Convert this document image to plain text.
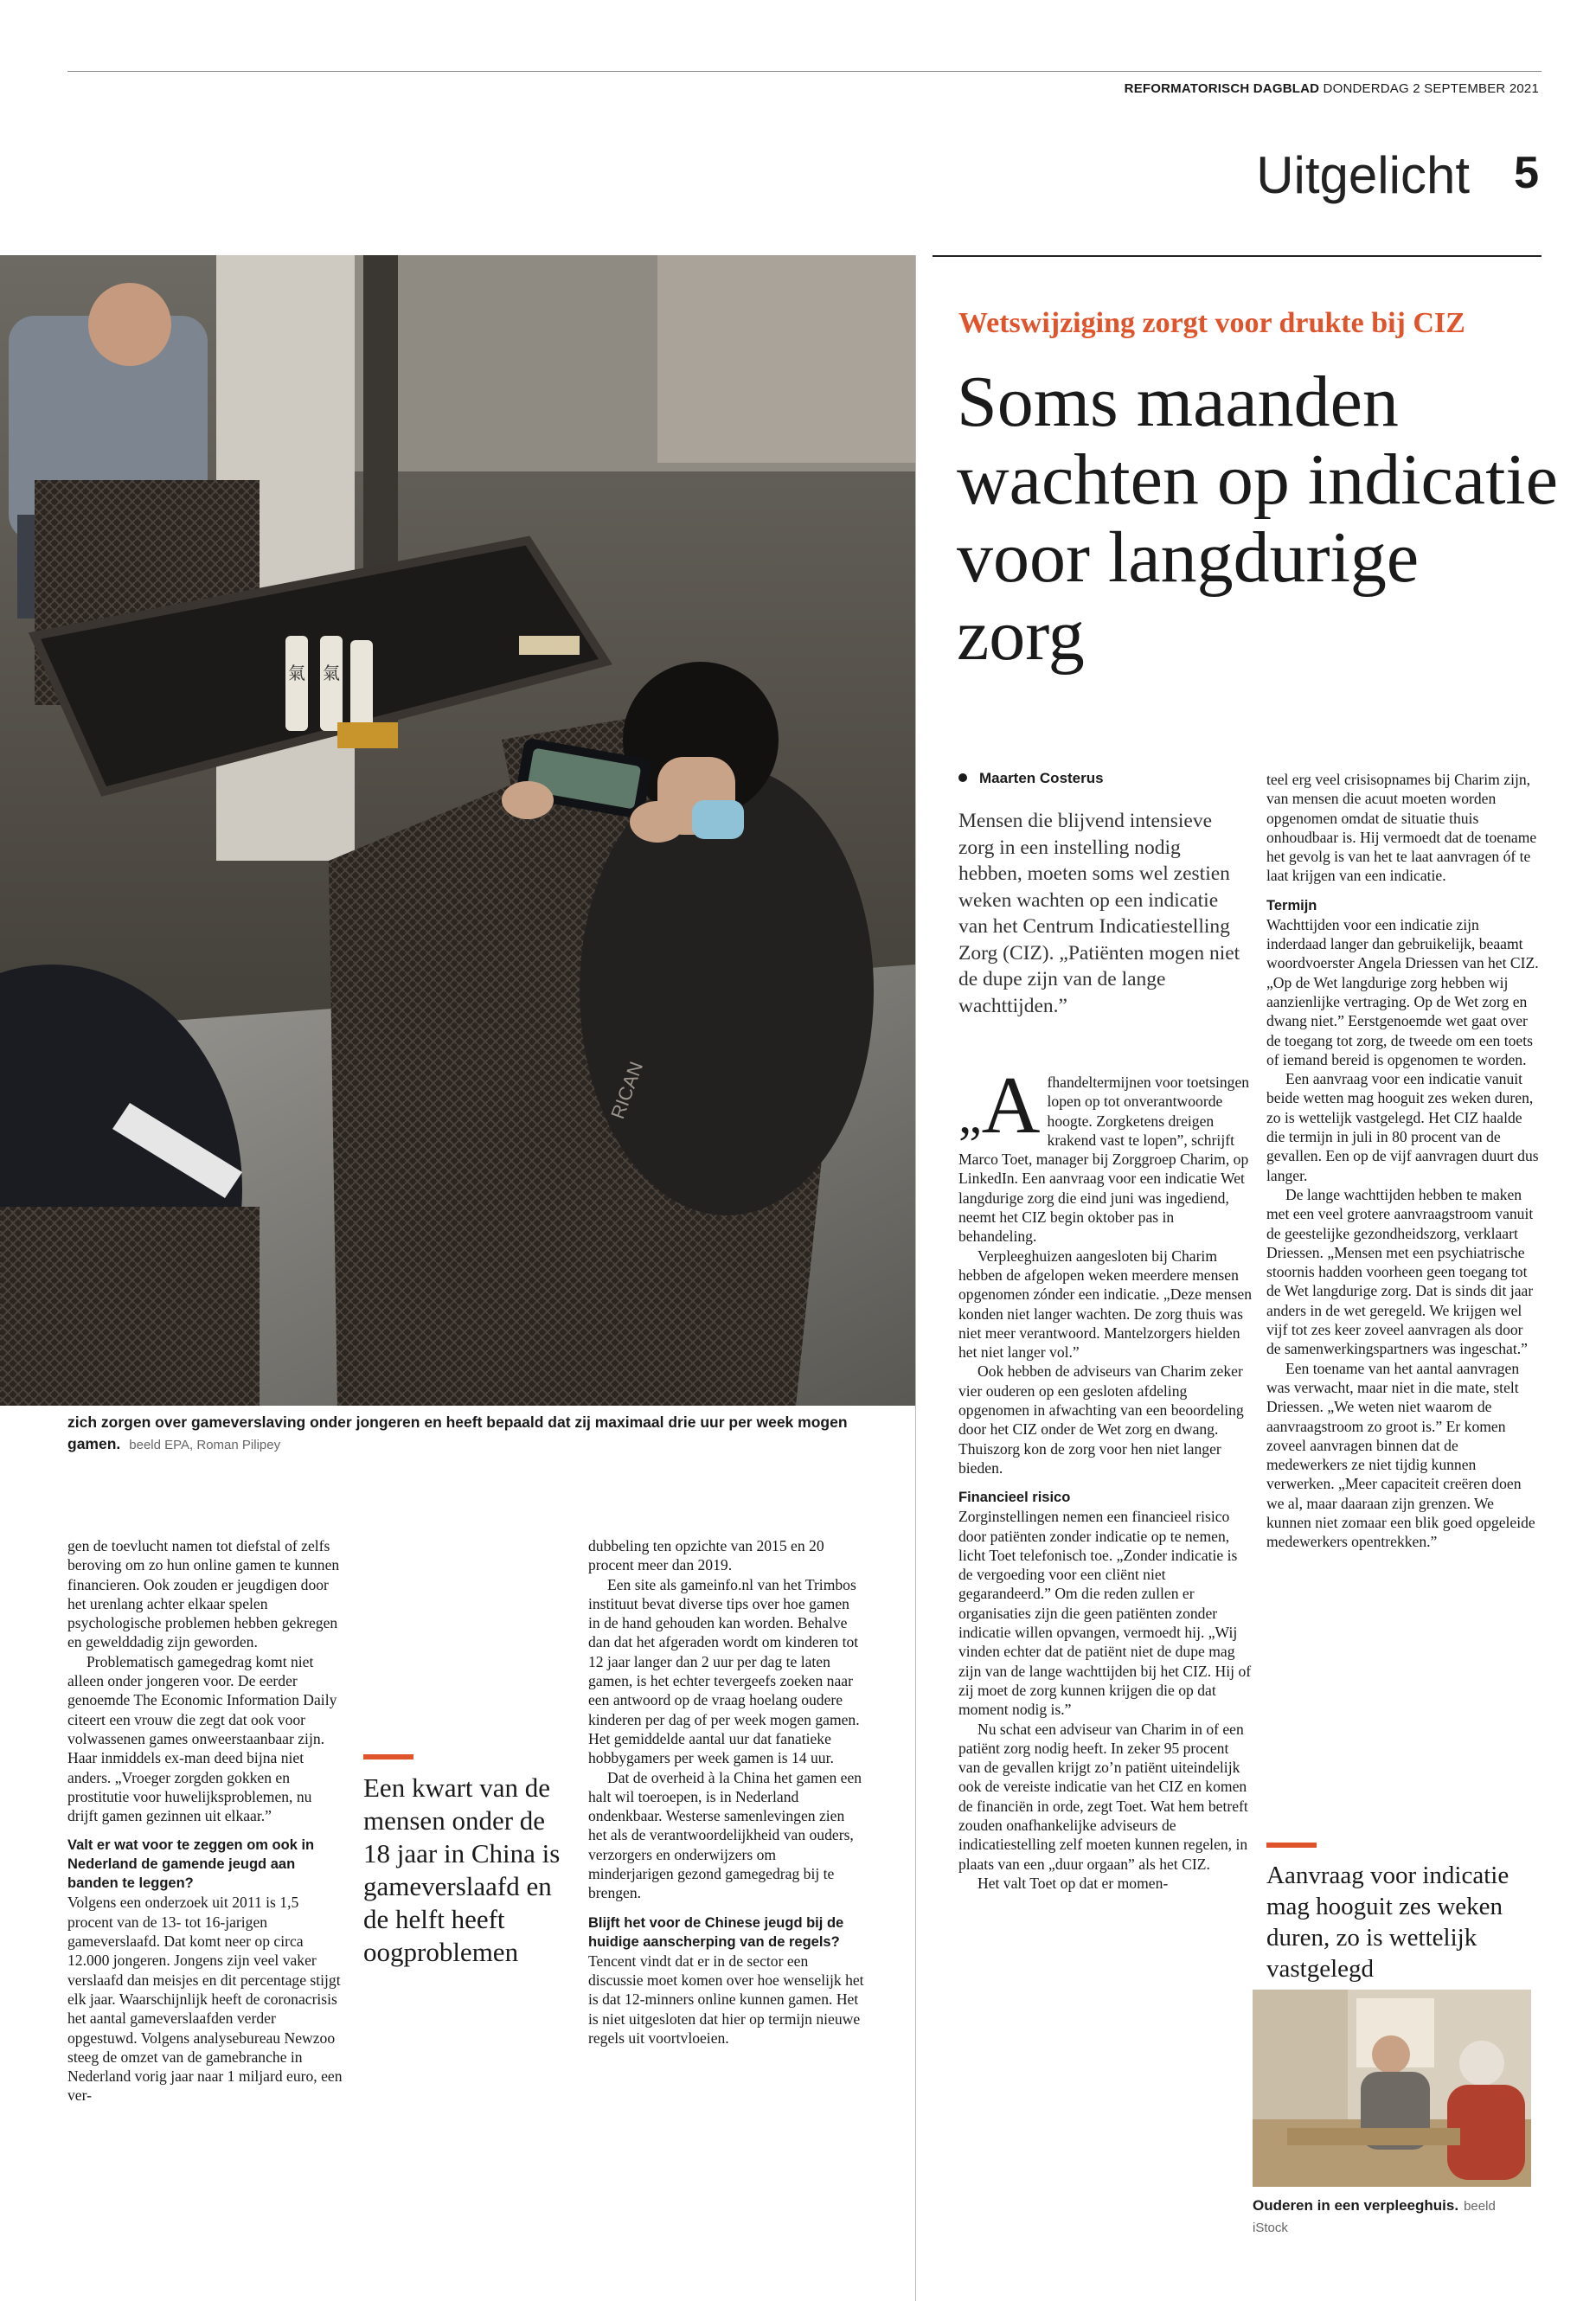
REFORMATORISCH DAGBLAD DONDERDAG 2 SEPTEMBER 2021
Uitgelicht 5
氣 氣
RICAN
zich zorgen over gameverslaving onder jongeren en heeft bepaald dat zij maximaal drie uur per week mogen gamen. beeld EPA, Roman Pilipey

gen de toevlucht namen tot diefstal of zelfs beroving om zo hun online gamen te kunnen financieren. Ook zouden er jeugdigen door het urenlang achter elkaar spelen psychologische problemen hebben gekregen en gewelddadig zijn geworden.

Problematisch gamegedrag komt niet alleen onder jongeren voor. De eerder genoemde The Economic Information Daily citeert een vrouw die zegt dat ook voor volwassenen games onweerstaanbaar zijn. Haar inmiddels ex-man deed bijna niet anders. „Vroeger zorgden gokken en prostitutie voor huwelijksproblemen, nu drijft gamen gezinnen uit elkaar.”

Valt er wat voor te zeggen om ook in Nederland de gamende jeugd aan banden te leggen?

Volgens een onderzoek uit 2011 is 1,5 procent van de 13- tot 16-jarigen gameverslaafd. Dat komt neer op circa 12.000 jongeren. Jongens zijn veel vaker verslaafd dan meisjes en dit percentage stijgt elk jaar. Waarschijnlijk heeft de coronacrisis het aantal gameverslaafden verder opgestuwd. Volgens analysebureau Newzoo steeg de omzet van de gamebranche in Nederland vorig jaar naar 1 miljard euro, een ver-

Een kwart van de mensen onder de 18 jaar in China is gameverslaafd en de helft heeft oogproblemen

dubbeling ten opzichte van 2015 en 20 procent meer dan 2019.

Een site als gameinfo.nl van het Trimbos instituut bevat diverse tips over hoe gamen in de hand gehouden kan worden. Behalve dan dat het afgeraden wordt om kinderen tot 12 jaar langer dan 2 uur per dag te laten gamen, is het echter tevergeefs zoeken naar een antwoord op de vraag hoelang oudere kinderen per dag of per week mogen gamen. Het gemiddelde aantal uur dat fanatieke hobbygamers per week gamen is 14 uur.

Dat de overheid à la China het gamen een halt wil toeroepen, is in Nederland ondenkbaar. Westerse samenlevingen zien het als de verantwoordelijkheid van ouders, verzorgers en onderwijzers om minderjarigen gezond gamegedrag bij te brengen.

Blijft het voor de Chinese jeugd bij de huidige aanscherping van de regels?

Tencent vindt dat er in de sector een discussie moet komen over hoe wenselijk het is dat 12-minners online kunnen gamen. Het is niet uitgesloten dat hier op termijn nieuwe regels uit voortvloeien.

Wetswijziging zorgt voor drukte bij CIZ
Soms maanden wachten op indicatie voor langdurige zorg
Maarten Costerus
Mensen die blijvend intensieve zorg in een instelling nodig hebben, moeten soms wel zestien weken wachten op een indicatie van het Centrum Indicatiestelling Zorg (CIZ). „Patiënten mogen niet de dupe zijn van de lange wachttijden.”

„A fhandeltermijnen voor toetsingen lopen op tot onverantwoorde hoogte. Zorgketens dreigen krakend vast te lopen”, schrijft Marco Toet, manager bij Zorggroep Charim, op LinkedIn. Een aanvraag voor een indicatie Wet langdurige zorg die eind juni was ingediend, neemt het CIZ begin oktober pas in behandeling.

Verpleeghuizen aangesloten bij Charim hebben de afgelopen weken meerdere mensen opgenomen zónder een indicatie. „Deze mensen konden niet langer wachten. De zorg thuis was niet meer verantwoord. Mantelzorgers hielden het niet langer vol.”

Ook hebben de adviseurs van Charim zeker vier ouderen op een gesloten afdeling opgenomen in afwachting van een beoordeling door het CIZ onder de Wet zorg en dwang. Thuiszorg kon de zorg voor hen niet langer bieden.

Financieel risico

Zorginstellingen nemen een financieel risico door patiënten zonder indicatie op te nemen, licht Toet telefonisch toe. „Zonder indicatie is de vergoeding voor een cliënt niet gegarandeerd.” Om die reden zullen er organisaties zijn die geen patiënten zonder indicatie willen opvangen, vermoedt hij. „Wij vinden echter dat de patiënt niet de dupe mag zijn van de lange wachttijden bij het CIZ. Hij of zij moet de zorg kunnen krijgen die op dat moment nodig is.”

Nu schat een adviseur van Charim in of een patiënt zorg nodig heeft. In zeker 95 procent van de gevallen krijgt zo’n patiënt uiteindelijk ook de vereiste indicatie van het CIZ en komen de financiën in orde, zegt Toet. Wat hem betreft zouden onafhankelijke adviseurs de indicatiestelling zelf moeten kunnen regelen, in plaats van een „duur orgaan” als het CIZ.

Het valt Toet op dat er momen-

teel erg veel crisisopnames bij Charim zijn, van mensen die acuut moeten worden opgenomen omdat de situatie thuis onhoudbaar is. Hij vermoedt dat de toename het gevolg is van het te laat aanvragen óf te laat krijgen van een indicatie.

Termijn

Wachttijden voor een indicatie zijn inderdaad langer dan gebruikelijk, beaamt woordvoerster Angela Driessen van het CIZ. „Op de Wet langdurige zorg hebben wij aanzienlijke vertraging. Op de Wet zorg en dwang niet.” Eerstgenoemde wet gaat over de toegang tot zorg, de tweede om een toets of iemand bereid is opgenomen te worden.

Een aanvraag voor een indicatie vanuit beide wetten mag hooguit zes weken duren, zo is wettelijk vastgelegd. Het CIZ haalde die termijn in juli in 80 procent van de gevallen. Een op de vijf aanvragen duurt dus langer.

De lange wachttijden hebben te maken met een veel grotere aanvraagstroom vanuit de geestelijke gezondheidszorg, verklaart Driessen. „Mensen met een psychiatrische stoornis hadden voorheen geen toegang tot de Wet langdurige zorg. Dat is sinds dit jaar anders in de wet geregeld. We krijgen wel vijf tot zes keer zoveel aanvragen als door de samenwerkingspartners was ingeschat.”

Een toename van het aantal aanvragen was verwacht, maar niet in die mate, stelt Driessen. „We weten niet waarom de aanvraagstroom zo groot is.” Er komen zoveel aanvragen binnen dat de medewerkers ze niet tijdig kunnen verwerken. „Meer capaciteit creëren doen we al, maar daaraan zijn grenzen. We kunnen niet zomaar een blik goed opgeleide medewerkers opentrekken.”

Aanvraag voor indicatie mag hooguit zes weken duren, zo is wettelijk vastgelegd
Ouderen in een verpleeghuis. beeld iStock
